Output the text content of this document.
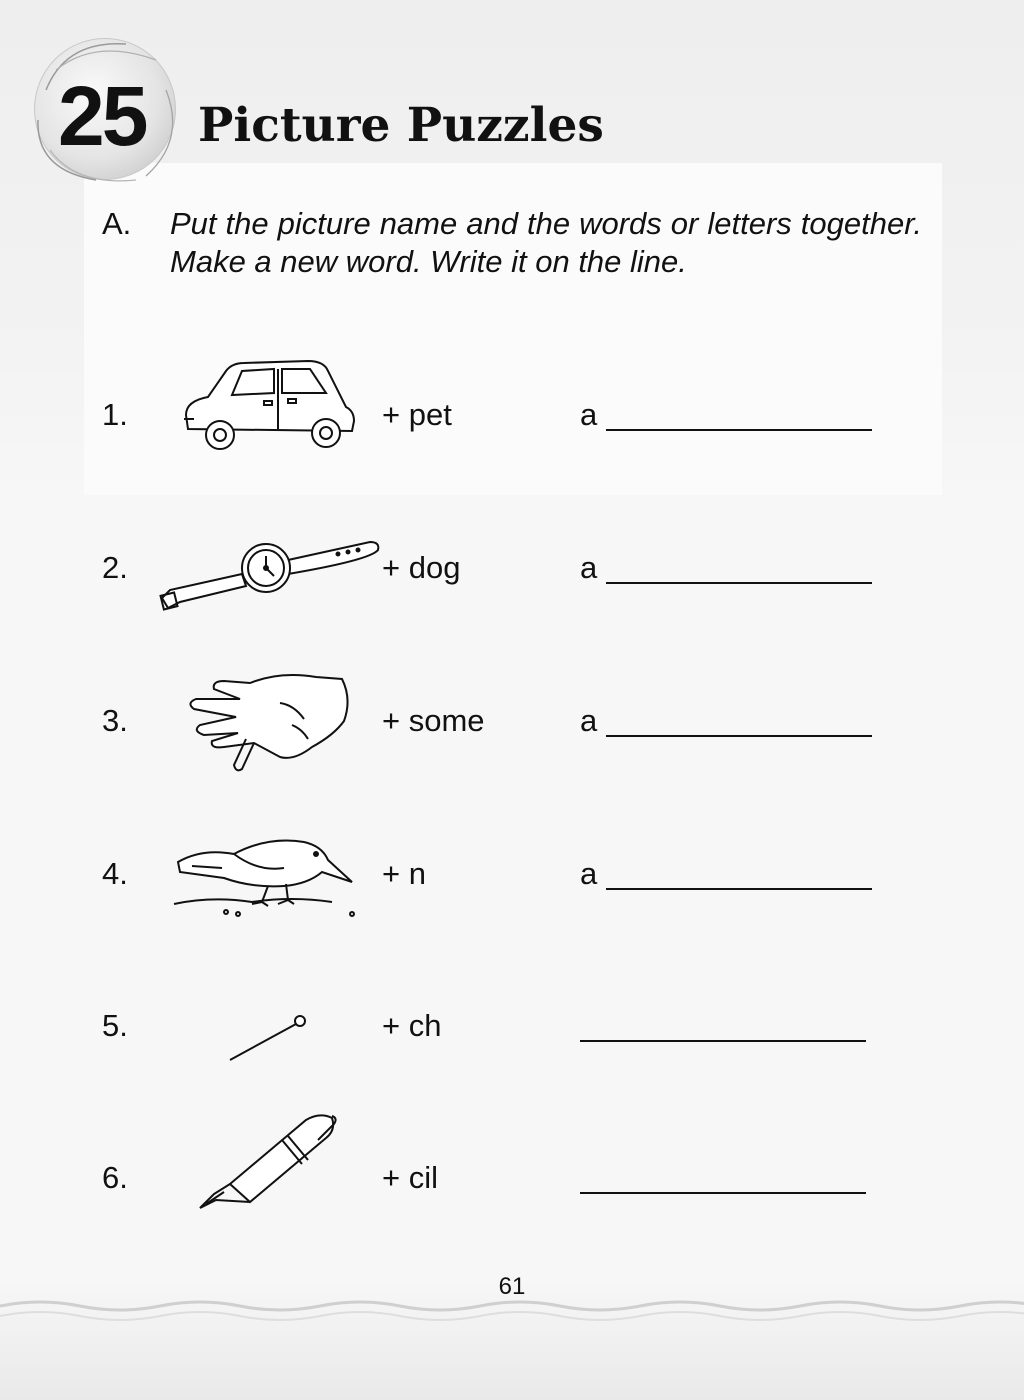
25	Picture Puzzles
A. Put the picture name and the words or letters together. Make a new word. Write it on the line.
1.	+ pet	a
2.	+ dog	a
3.	+ some	a
4.	+ n	a
5.	+ ch
6.	+ cil
61
